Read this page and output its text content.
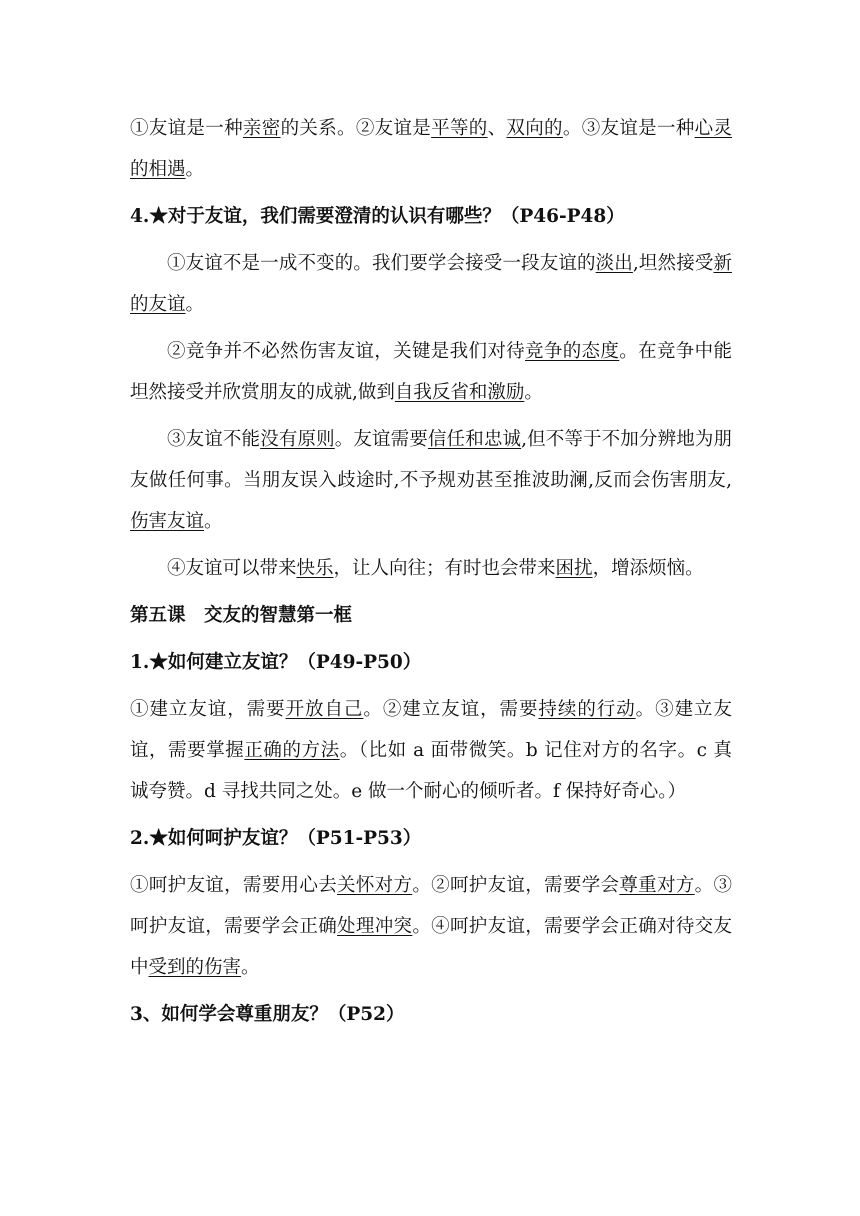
①友谊是一种亲密的关系。②友谊是平等的、双向的。③友谊是一种心灵的相遇。

4.★对于友谊，我们需要澄清的认识有哪些？（P46-P48）

①友谊不是一成不变的。我们要学会接受一段友谊的淡出,坦然接受新的友谊。

②竞争并不必然伤害友谊，关键是我们对待竞争的态度。在竞争中能坦然接受并欣赏朋友的成就,做到自我反省和激励。

③友谊不能没有原则。友谊需要信任和忠诚,但不等于不加分辨地为朋友做任何事。当朋友误入歧途时,不予规劝甚至推波助澜,反而会伤害朋友,伤害友谊。

④友谊可以带来快乐，让人向往；有时也会带来困扰，增添烦恼。

第五课　交友的智慧第一框

1.★如何建立友谊？（P49-P50）

①建立友谊，需要开放自己。②建立友谊，需要持续的行动。③建立友谊，需要掌握正确的方法。（比如 a 面带微笑。b 记住对方的名字。c 真诚夸赞。d 寻找共同之处。e 做一个耐心的倾听者。f 保持好奇心。）

2.★如何呵护友谊？（P51-P53）

①呵护友谊，需要用心去关怀对方。②呵护友谊，需要学会尊重对方。③呵护友谊，需要学会正确处理冲突。④呵护友谊，需要学会正确对待交友中受到的伤害。

3、如何学会尊重朋友？（P52）
